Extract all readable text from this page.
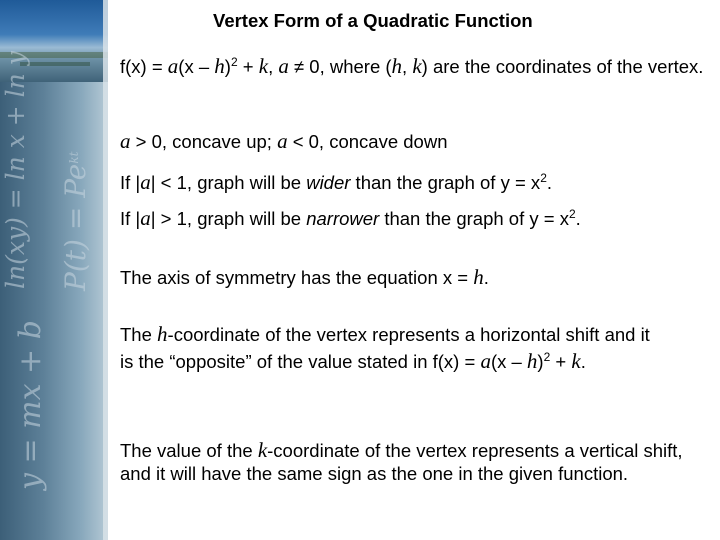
y = mx + b
ln(xy) = ln x + ln y $P(t) = Pe^{kt}$
Vertex Form of a Quadratic Function

f(x) = a(x – h)$^2$ + k, a ≠ 0, where (h, k) are the coordinates of the vertex.

a > 0, concave up; a < 0, concave down

If |a| < 1, graph will be wider than the graph of $y = x^2$.

If |a| > 1, graph will be narrower than the graph of $y = x^2$.

The axis of symmetry has the equation x = h.

The h-coordinate of the vertex represents a horizontal shift and it is the “opposite” of the value stated in f(x) = a(x – h)$^2$ + k.

The value of the k-coordinate of the vertex represents a vertical shift, and it will have the same sign as the one in the given function.
